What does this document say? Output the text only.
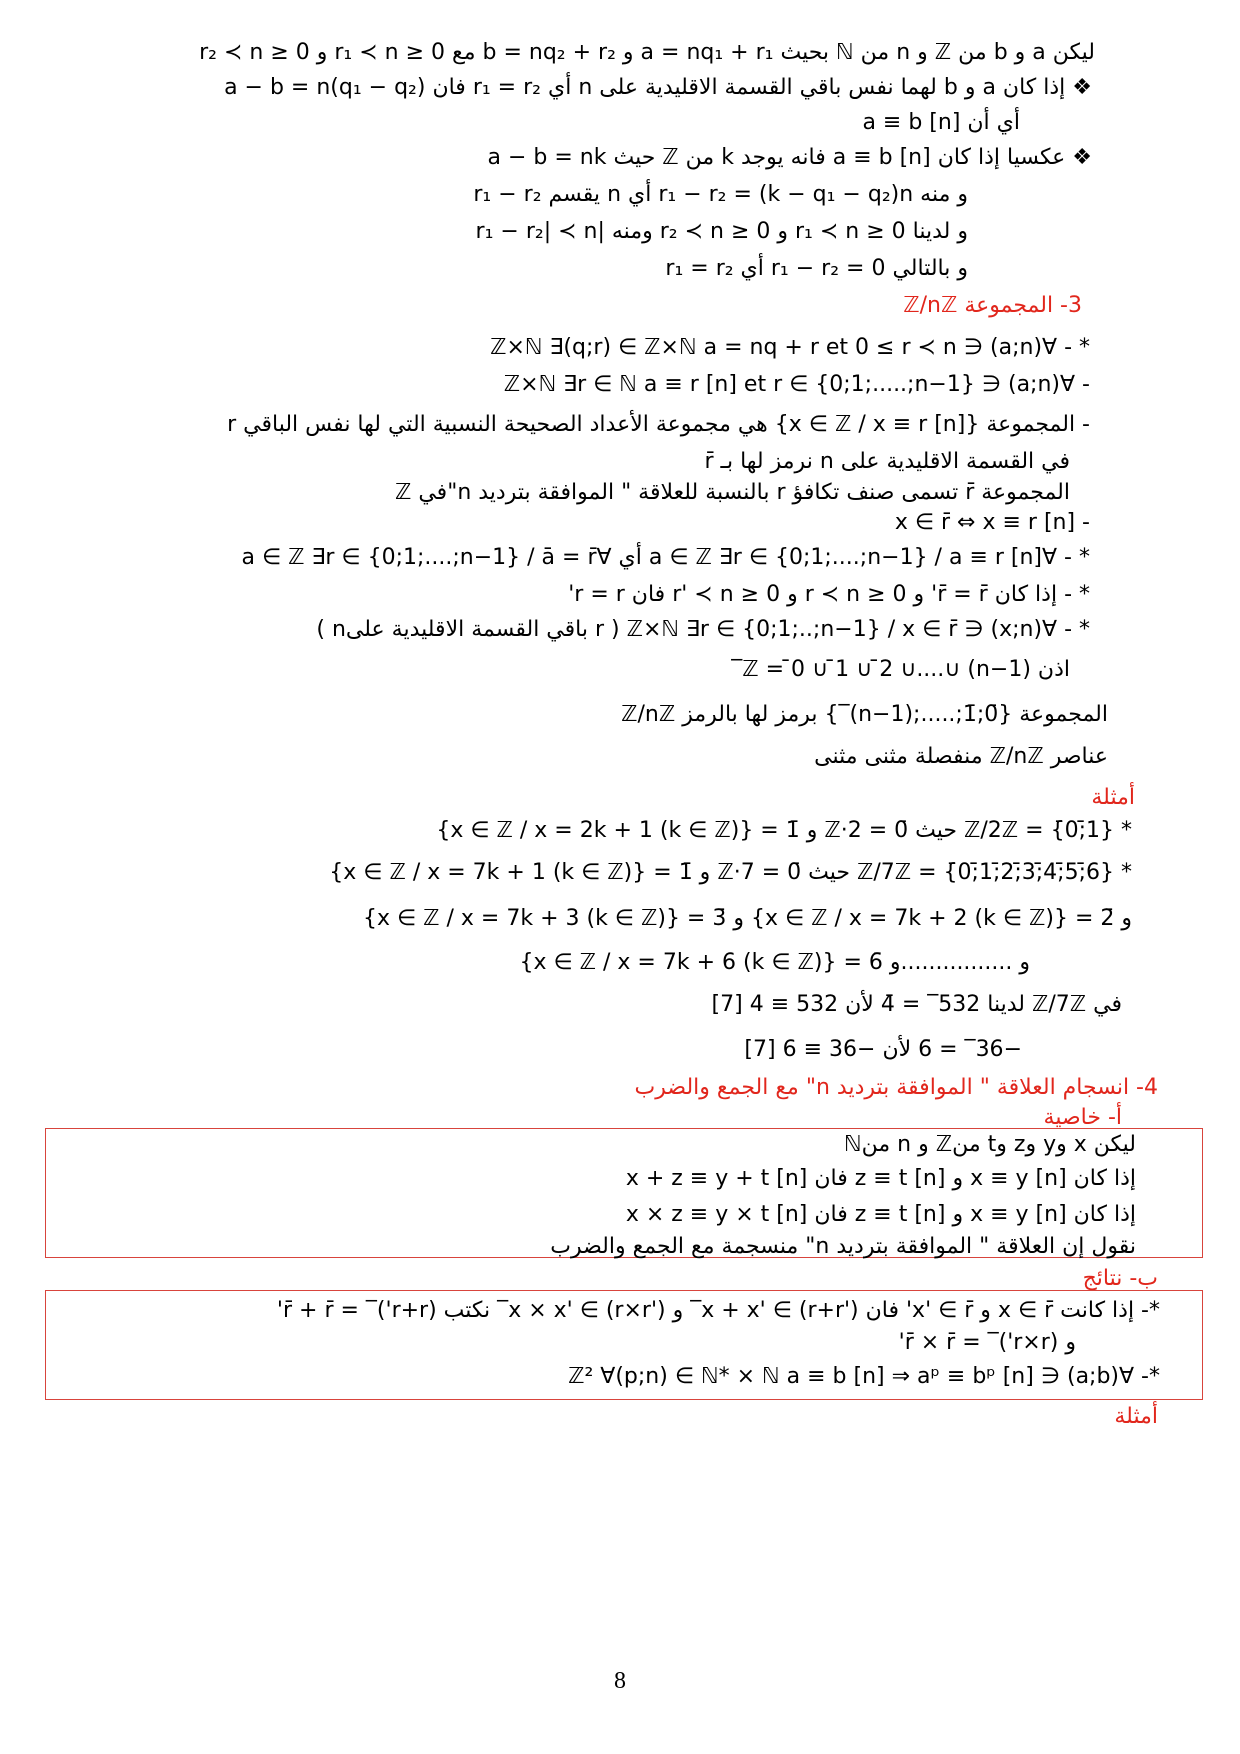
ليكن a و b من ℤ و n من ℕ بحيث a = nq₁ + r₁ و b = nq₂ + r₂ مع 0 ≤ r₁ ≺ n و 0 ≤ r₂ ≺ n
❖ إذا كان a و b لهما نفس باقي القسمة الاقليدية على n أي r₁ = r₂ فان a − b = n(q₁ − q₂)
أي أن a ≡ b [n]
❖ عكسيا إذا كان a ≡ b [n] فانه يوجد k من ℤ حيث a − b = nk
و منه r₁ − r₂ = (k − q₁ − q₂)n أي n يقسم r₁ − r₂
و لدينا 0 ≤ r₁ ≺ n و 0 ≤ r₂ ≺ n ومنه |r₁ − r₂| ≺ n
و بالتالي r₁ − r₂ = 0 أي r₁ = r₂
3- المجموعة ℤ/nℤ
* - ∀(a;n) ∈ ℤ×ℕ ∃(q;r) ∈ ℤ×ℕ a = nq + r et 0 ≤ r ≺ n
- ∀(a;n) ∈ ℤ×ℕ ∃r ∈ ℕ a ≡ r [n] et r ∈ {0;1;.....;n−1}
- المجموعة {x ∈ ℤ / x ≡ r [n]} هي مجموعة الأعداد الصحيحة النسبية التي لها نفس الباقي r
في القسمة الاقليدية على n نرمز لها بـ r̄
المجموعة r̄ تسمى صنف تكافؤ r بالنسبة للعلاقة " الموافقة بترديد n"في ℤ
- x ∈ r̄ ⇔ x ≡ r [n]
* - ∀a ∈ ℤ ∃r ∈ {0;1;....;n−1} / a ≡ r [n] أي ∀a ∈ ℤ ∃r ∈ {0;1;....;n−1} / ā = r̄
* - إذا كان r̄ = r̄' و 0 ≤ r ≺ n و 0 ≤ r' ≺ n فان r = r'
* - ∀(x;n) ∈ ℤ×ℕ ∃r ∈ {0;1;..;n−1} / x ∈ r̄ ( r باقي القسمة الاقليدية علىn )
اذن ℤ = 0̄ ∪ 1̄ ∪ 2̄ ∪....∪ (n−1)‾
المجموعة {0̄;1̄;.....;(n−1)‾} برمز لها بالرمز ℤ/nℤ
عناصر ℤ/nℤ منفصلة مثنى مثنى
أمثلة
* ℤ/2ℤ = {0̄;1̄} حيث 0̄ = 2·ℤ و 1̄ = {x ∈ ℤ / x = 2k + 1 (k ∈ ℤ)}
* ℤ/7ℤ = {0̄;1̄;2̄;3̄;4̄;5̄;6̄} حيث 0̄ = 7·ℤ و 1̄ = {x ∈ ℤ / x = 7k + 1 (k ∈ ℤ)}
و 2̄ = {x ∈ ℤ / x = 7k + 2 (k ∈ ℤ)} و 3̄ = {x ∈ ℤ / x = 7k + 3 (k ∈ ℤ)}
و ................و 6̄ = {x ∈ ℤ / x = 7k + 6 (k ∈ ℤ)}
في ℤ/7ℤ لدينا 532‾ = 4̄ لأن 532 ≡ 4 [7]
−36‾ = 6̄ لأن −36 ≡ 6 [7]
4- انسجام العلاقة " الموافقة بترديد n" مع الجمع والضرب
أ- خاصية
ليكن x وy وz وt منℤ و n منℕ
إذا كان x ≡ y [n] و z ≡ t [n] فان x + z ≡ y + t [n]
إذا كان x ≡ y [n] و z ≡ t [n] فان x × z ≡ y × t [n]
نقول إن العلاقة " الموافقة بترديد n" منسجمة مع الجمع والضرب
ب- نتائج
*- إذا كانت x ∈ r̄ و x' ∈ r̄' فان x + x' ∈ (r+r')‾ و x × x' ∈ (r×r')‾ نكتب (r+r')‾ = r̄ + r̄'
و (r×r')‾ = r̄ × r̄'
*- ∀(a;b) ∈ ℤ² ∀(p;n) ∈ ℕ* × ℕ a ≡ b [n] ⇒ aᵖ ≡ bᵖ [n]
أمثلة
8
